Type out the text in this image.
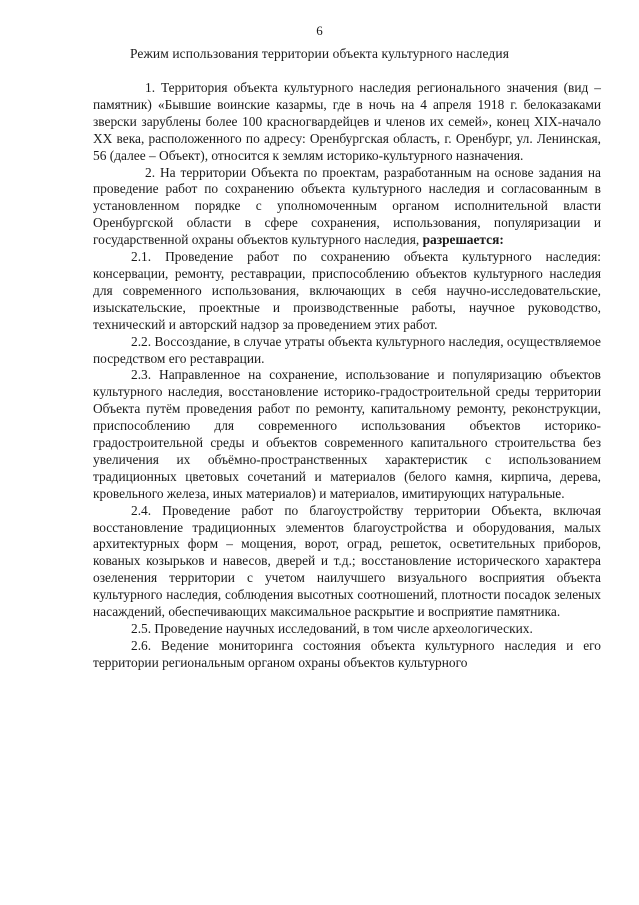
6
Режим использования территории объекта культурного наследия

1. Территория объекта культурного наследия регионального значения (вид – памятник) «Бывшие воинские казармы, где в ночь на 4 апреля 1918 г. белоказаками зверски зарублены более 100 красногвардейцев и членов их семей», конец XIX-начало XX века, расположенного по адресу: Оренбургская область, г. Оренбург, ул. Ленинская, 56 (далее – Объект), относится к землям историко-культурного назначения.

2. На территории Объекта по проектам, разработанным на основе задания на проведение работ по сохранению объекта культурного наследия и согласованным в установленном порядке с уполномоченным органом исполнительной власти Оренбургской области в сфере сохранения, использования, популяризации и государственной охраны объектов культурного наследия, разрешается:

2.1. Проведение работ по сохранению объекта культурного наследия: консервации, ремонту, реставрации, приспособлению объектов культурного наследия для современного использования, включающих в себя научно-исследовательские, изыскательские, проектные и производственные работы, научное руководство, технический и авторский надзор за проведением этих работ.

2.2. Воссоздание, в случае утраты объекта культурного наследия, осуществляемое посредством его реставрации.

2.3. Направленное на сохранение, использование и популяризацию объектов культурного наследия, восстановление историко-градостроительной среды территории Объекта путём проведения работ по ремонту, капитальному ремонту, реконструкции, приспособлению для современного использования объектов историко-градостроительной среды и объектов современного капитального строительства без увеличения их объёмно-пространственных характеристик с использованием традиционных цветовых сочетаний и материалов (белого камня, кирпича, дерева, кровельного железа, иных материалов) и материалов, имитирующих натуральные.

2.4. Проведение работ по благоустройству территории Объекта, включая восстановление традиционных элементов благоустройства и оборудования, малых архитектурных форм – мощения, ворот, оград, решеток, осветительных приборов, кованых козырьков и навесов, дверей и т.д.; восстановление исторического характера озеленения территории с учетом наилучшего визуального восприятия объекта культурного наследия, соблюдения высотных соотношений, плотности посадок зеленых насаждений, обеспечивающих максимальное раскрытие и восприятие памятника.

2.5. Проведение научных исследований, в том числе археологических.

2.6. Ведение мониторинга состояния объекта культурного наследия и его территории региональным органом охраны объектов культурного
